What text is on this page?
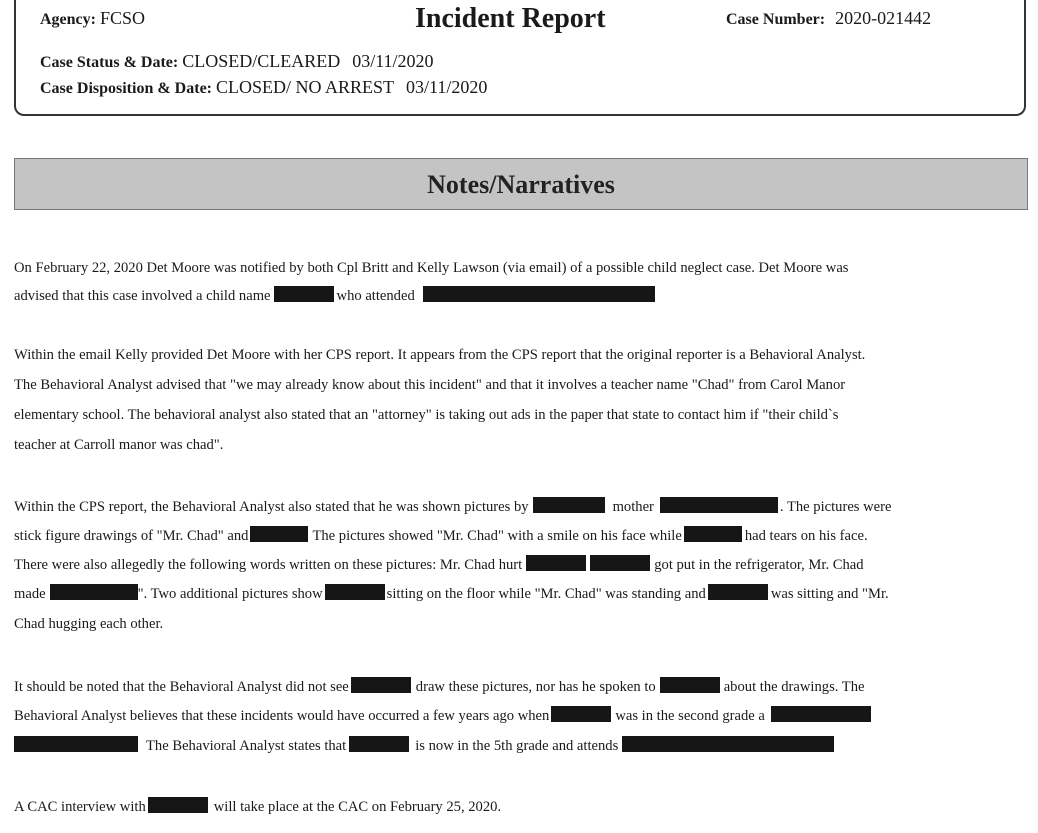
Agency: FCSO	Incident Report	Case Number: 2020-021442
Case Status & Date: CLOSED/CLEARED 03/11/2020
Case Disposition & Date: CLOSED/ NO ARREST 03/11/2020
Notes/Narratives
On February 22, 2020 Det Moore was notified by both Cpl Britt and Kelly Lawson (via email) of a possible child neglect case. Det Moore was
advised that this case involved a child name	who attended
Within the email Kelly provided Det Moore with her CPS report. It appears from the CPS report that the original reporter is a Behavioral Analyst.
The Behavioral Analyst advised that "we may already know about this incident" and that it involves a teacher name "Chad" from Carol Manor
elementary school. The behavioral analyst also stated that an "attorney" is taking out ads in the paper that state to contact him if "their child`s
teacher at Carroll manor was chad".
Within the CPS report, the Behavioral Analyst also stated that he was shown pictures by	mother	. The pictures were
stick figure drawings of "Mr. Chad" and	The pictures showed "Mr. Chad" with a smile on his face while	had tears on his face.
There were also allegedly the following words written on these pictures: Mr. Chad hurt	got put in the refrigerator, Mr. Chad
made	". Two additional pictures show	sitting on the floor while "Mr. Chad" was standing and	was sitting and "Mr.
Chad hugging each other.
It should be noted that the Behavioral Analyst did not see	draw these pictures, nor has he spoken to	about the drawings. The
Behavioral Analyst believes that these incidents would have occurred a few years ago when	was in the second grade a
The Behavioral Analyst states that	is now in the 5th grade and attends
A CAC interview with	will take place at the CAC on February 25, 2020.
